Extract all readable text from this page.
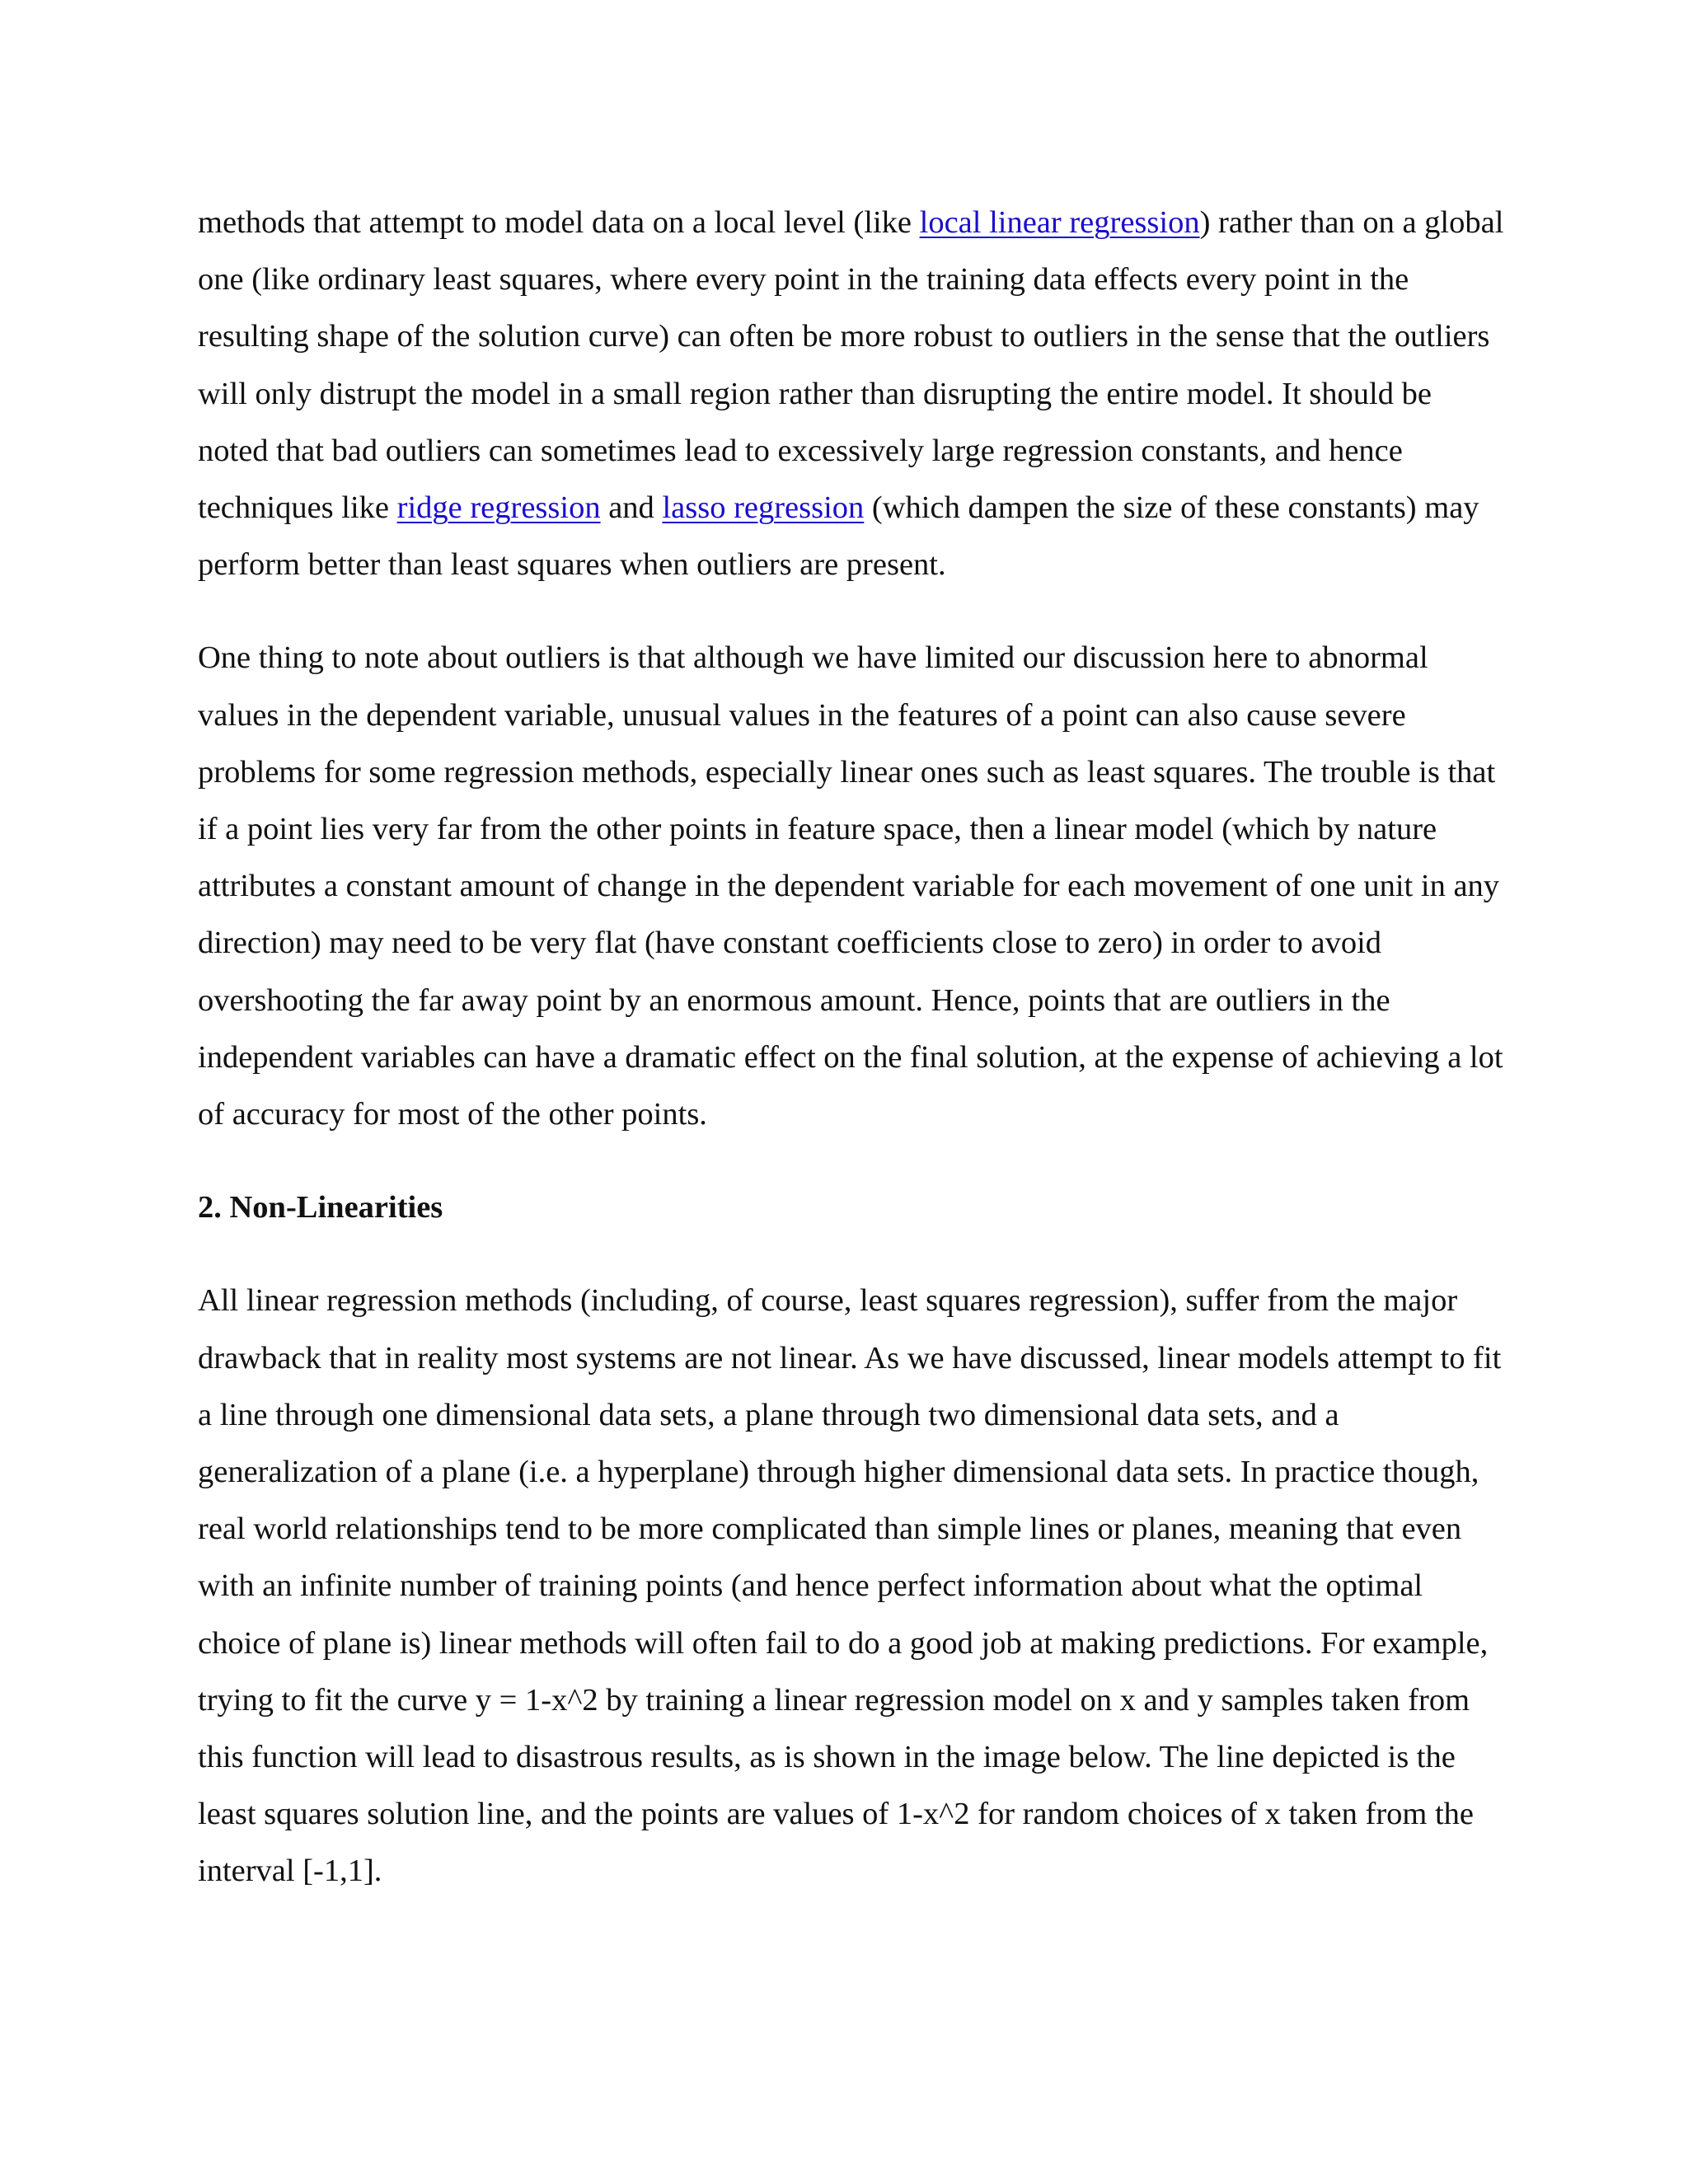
methods that attempt to model data on a local level (like local linear regression) rather than on a global one (like ordinary least squares, where every point in the training data effects every point in the resulting shape of the solution curve) can often be more robust to outliers in the sense that the outliers will only distrupt the model in a small region rather than disrupting the entire model. It should be noted that bad outliers can sometimes lead to excessively large regression constants, and hence techniques like ridge regression and lasso regression (which dampen the size of these constants) may perform better than least squares when outliers are present.

One thing to note about outliers is that although we have limited our discussion here to abnormal values in the dependent variable, unusual values in the features of a point can also cause severe problems for some regression methods, especially linear ones such as least squares. The trouble is that if a point lies very far from the other points in feature space, then a linear model (which by nature attributes a constant amount of change in the dependent variable for each movement of one unit in any direction) may need to be very flat (have constant coefficients close to zero) in order to avoid overshooting the far away point by an enormous amount. Hence, points that are outliers in the independent variables can have a dramatic effect on the final solution, at the expense of achieving a lot of accuracy for most of the other points.

2. Non-Linearities

All linear regression methods (including, of course, least squares regression), suffer from the major drawback that in reality most systems are not linear. As we have discussed, linear models attempt to fit a line through one dimensional data sets, a plane through two dimensional data sets, and a generalization of a plane (i.e. a hyperplane) through higher dimensional data sets. In practice though, real world relationships tend to be more complicated than simple lines or planes, meaning that even with an infinite number of training points (and hence perfect information about what the optimal choice of plane is) linear methods will often fail to do a good job at making predictions. For example, trying to fit the curve y = 1-x^2 by training a linear regression model on x and y samples taken from this function will lead to disastrous results, as is shown in the image below. The line depicted is the least squares solution line, and the points are values of 1-x^2 for random choices of x taken from the interval [-1,1].
